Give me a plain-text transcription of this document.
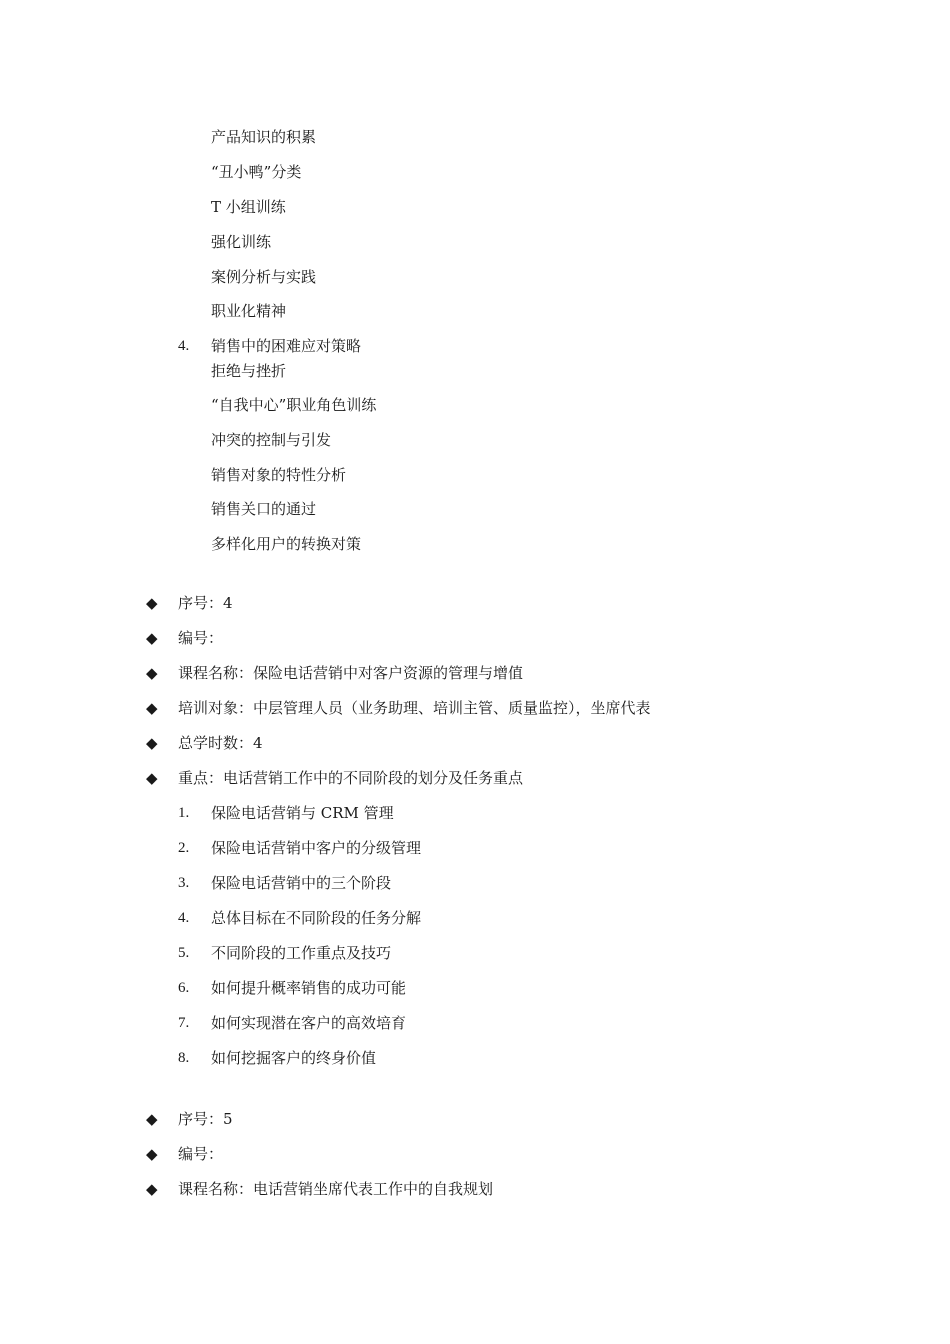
产品知识的积累
“丑小鸭”分类
T 小组训练
强化训练
案例分析与实践
职业化精神
4. 销售中的困难应对策略
拒绝与挫折
“自我中心”职业角色训练
冲突的控制与引发
销售对象的特性分析
销售关口的通过
多样化用户的转换对策
◆ 序号：4
◆ 编号：
◆ 课程名称：保险电话营销中对客户资源的管理与增值
◆ 培训对象：中层管理人员（业务助理、培训主管、质量监控），坐席代表
◆ 总学时数：4
◆ 重点：电话营销工作中的不同阶段的划分及任务重点
1. 保险电话营销与 CRM 管理
2. 保险电话营销中客户的分级管理
3. 保险电话营销中的三个阶段
4. 总体目标在不同阶段的任务分解
5. 不同阶段的工作重点及技巧
6. 如何提升概率销售的成功可能
7. 如何实现潜在客户的高效培育
8. 如何挖掘客户的终身价值
◆ 序号：5
◆ 编号：
◆ 课程名称：电话营销坐席代表工作中的自我规划
